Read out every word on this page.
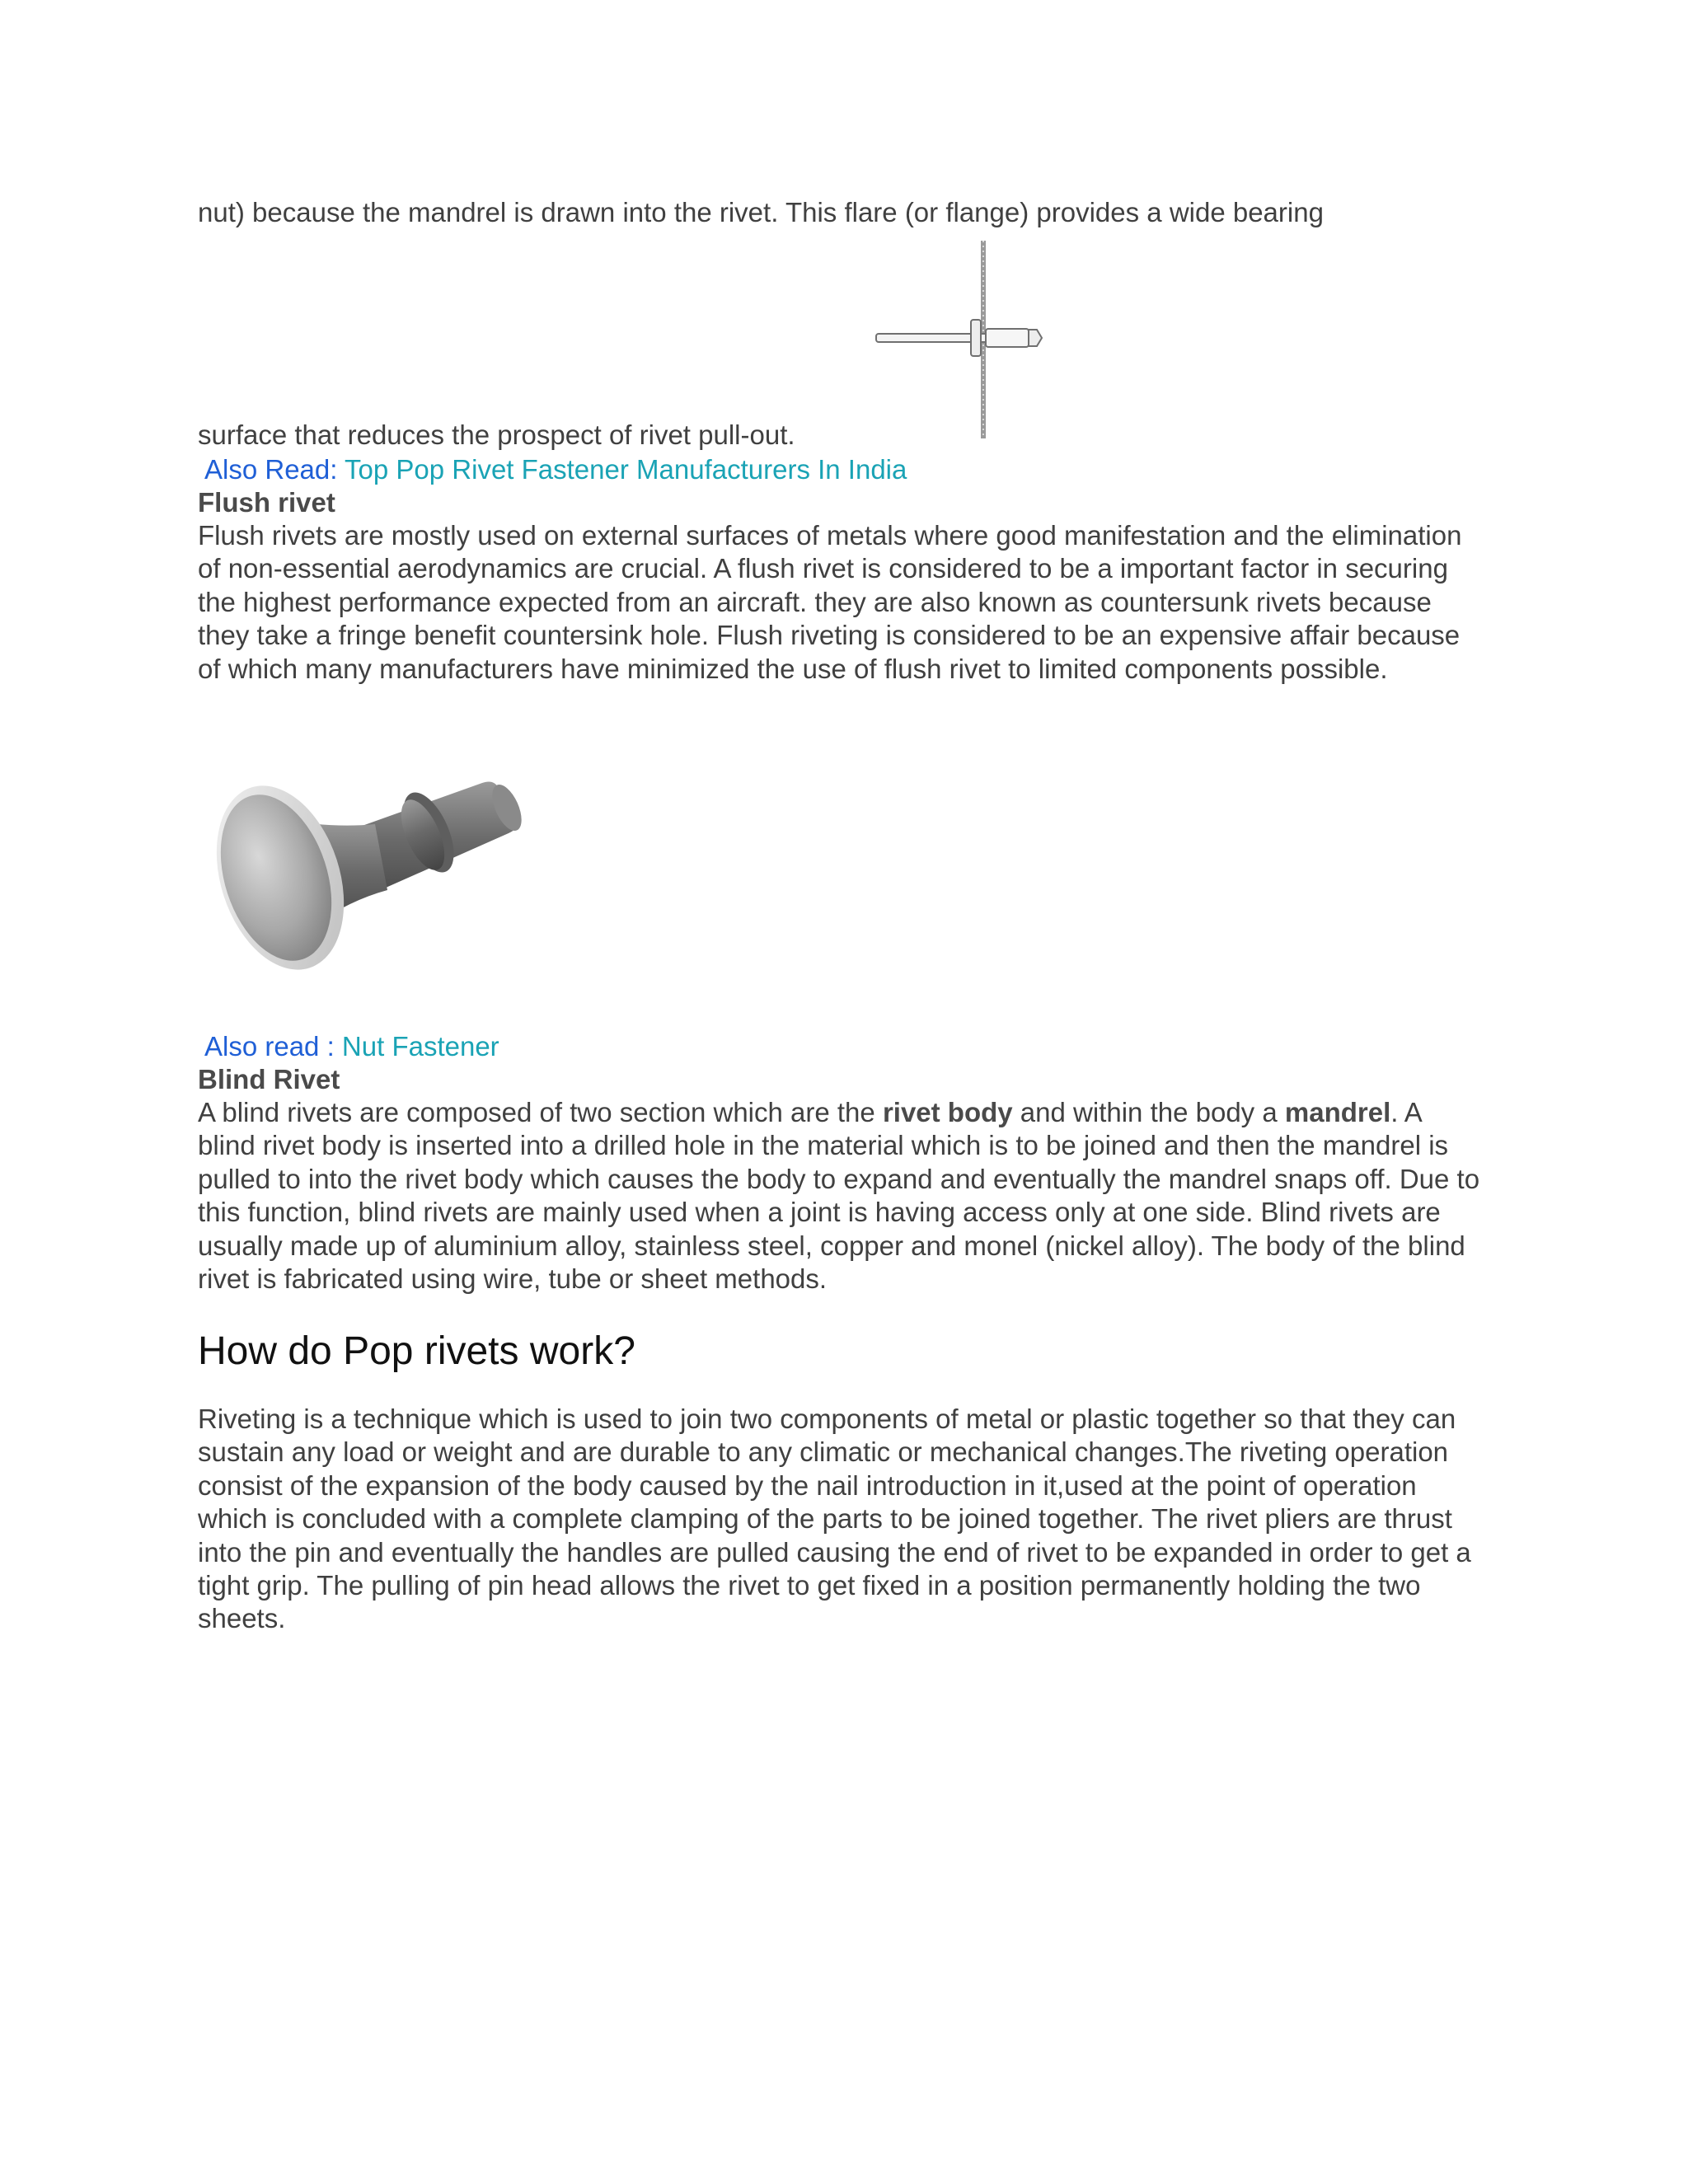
nut) because the mandrel is drawn into the rivet. This flare (or flange) provides a wide bearing
surface that reduces the prospect of rivet pull-out.
Also Read: Top Pop Rivet Fastener Manufacturers In India
Flush rivet

Flush rivets are mostly used on external surfaces of metals where good manifestation and the elimination of non-essential aerodynamics are crucial. A flush rivet is considered to be a important factor in securing the highest performance expected from an aircraft. they are also known as countersunk rivets because they take a fringe benefit countersink hole. Flush riveting is considered to be an expensive affair because of which many manufacturers have minimized the use of flush rivet to limited components possible.

Also read : Nut Fastener
Blind Rivet

A blind rivets are composed of two section which are the rivet body and within the body a mandrel. A blind rivet body is inserted into a drilled hole in the material which is to be joined and then the mandrel is pulled to into the rivet body which causes the body to expand and eventually the mandrel snaps off. Due to this function, blind rivets are mainly used when a joint is having access only at one side. Blind rivets are usually made up of aluminium alloy, stainless steel, copper and monel (nickel alloy). The body of the blind rivet is fabricated using wire, tube or sheet methods.

How do Pop rivets work?

Riveting is a technique which is used to join two components of metal or plastic together so that they can sustain any load or weight and are durable to any climatic or mechanical changes.The riveting operation consist of the expansion of the body caused by the nail introduction in it,used at the point of operation which is concluded with a complete clamping of the parts to be joined together. The rivet pliers are thrust into the pin and eventually the handles are pulled causing the end of rivet to be expanded in order to get a tight grip. The pulling of pin head allows the rivet to get fixed in a position permanently holding the two sheets.
